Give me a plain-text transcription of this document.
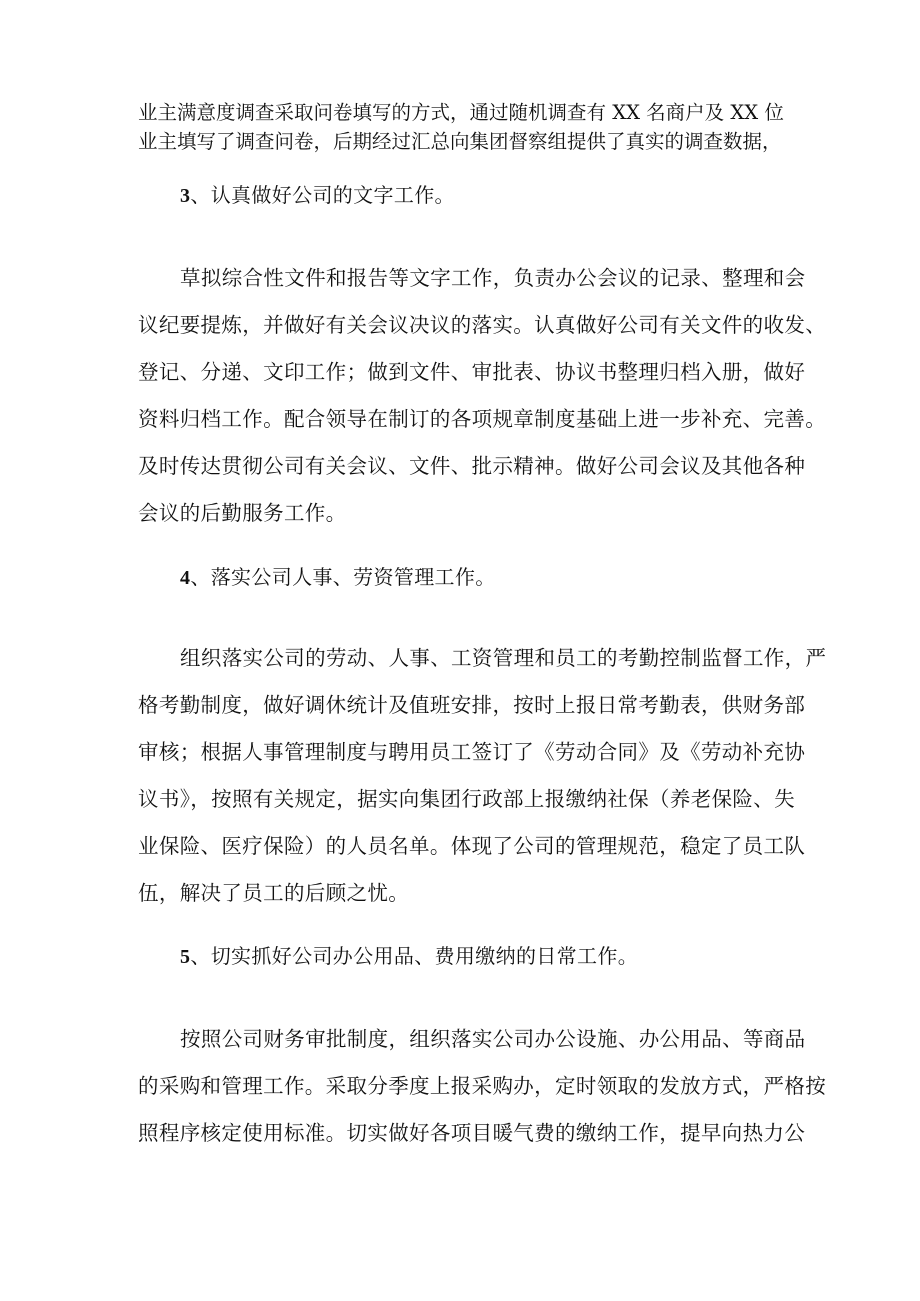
业主满意度调查采取问卷填写的方式，通过随机调查有 XX 名商户及 XX 位
业主填写了调查问卷，后期经过汇总向集团督察组提供了真实的调查数据，
3、认真做好公司的文字工作。
草拟综合性文件和报告等文字工作，负责办公会议的记录、整理和会
议纪要提炼，并做好有关会议决议的落实。认真做好公司有关文件的收发、
登记、分递、文印工作；做到文件、审批表、协议书整理归档入册，做好
资料归档工作。配合领导在制订的各项规章制度基础上进一步补充、完善。
及时传达贯彻公司有关会议、文件、批示精神。做好公司会议及其他各种
会议的后勤服务工作。
4、落实公司人事、劳资管理工作。
组织落实公司的劳动、人事、工资管理和员工的考勤控制监督工作，严
格考勤制度，做好调休统计及值班安排，按时上报日常考勤表，供财务部
审核；根据人事管理制度与聘用员工签订了《劳动合同》及《劳动补充协
议书》，按照有关规定，据实向集团行政部上报缴纳社保（养老保险、失
业保险、医疗保险）的人员名单。体现了公司的管理规范，稳定了员工队
伍，解决了员工的后顾之忧。
5、切实抓好公司办公用品、费用缴纳的日常工作。
按照公司财务审批制度，组织落实公司办公设施、办公用品、等商品
的采购和管理工作。采取分季度上报采购办，定时领取的发放方式，严格按
照程序核定使用标准。切实做好各项目暖气费的缴纳工作，提早向热力公
